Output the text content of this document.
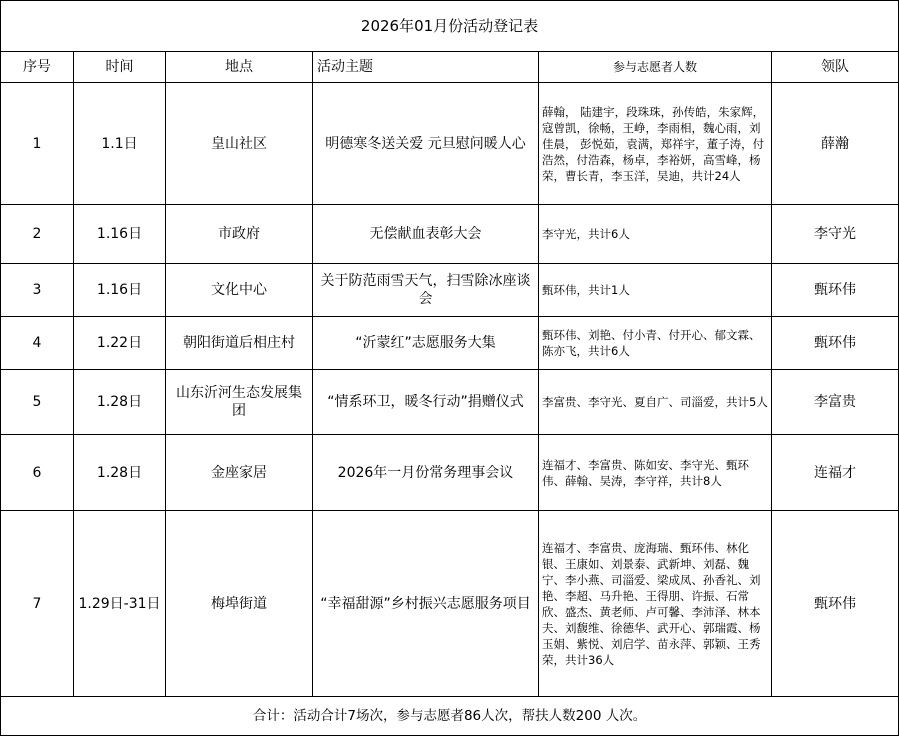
2026年01月份活动登记表					
序号	时间	地点	活动主题	参与志愿者人数	领队
1	1.1日	皇山社区	明德寒冬送关爱 元旦慰问暖人心	薛翰， 陆建宇，段珠珠，孙传皓，朱家辉，寇曾凯，徐畅，王峥，李雨相，魏心雨，刘佳晨， 彭悦茹，袁满，郑祥宇，董子涛，付浩然，付浩森，杨卓，李裕妍，高雪峰，杨荣，曹长青，李玉洋，吴迪，共计24人	薛瀚
2	1.16日	市政府	无偿献血表彰大会	李守光，共计6人	李守光
3	1.16日	文化中心	关于防范雨雪天气，扫雪除冰座谈会	甄环伟，共计1人	甄环伟
4	1.22日	朝阳街道后相庄村	“沂蒙红”志愿服务大集	甄环伟、刘艳、付小青、付开心、郁文霖、陈亦飞，共计6人	甄环伟
5	1.28日	山东沂河生态发展集团	“情系环卫，暖冬行动”捐赠仪式	李富贵、李守光、夏自广、司淄爱，共计5人	李富贵
6	1.28日	金座家居	2026年一月份常务理事会议	连福才、李富贵、陈如安、李守光、甄环伟、薛翰、吴涛，李守祥，共计8人	连福才
7	1.29日-31日	梅埠街道	“幸福甜源”乡村振兴志愿服务项目	连福才、李富贵、庞海瑞、甄环伟、林化银、王康如、刘景泰、武新坤、刘磊、魏宁、李小燕、司淄爱、梁成凤、孙香礼、刘艳、李超、马升艳、王得朋、许振、石常欣、盛杰、黄老师、卢可馨、李沛泽、林本夫、刘馥维、徐德华、武开心、郭瑞霞、杨玉娟、紫悦、刘启学、苗永萍、郭颖、王秀荣，共计36人	甄环伟
合计：活动合计7场次，参与志愿者86人次，帮扶人数200 人次。					
